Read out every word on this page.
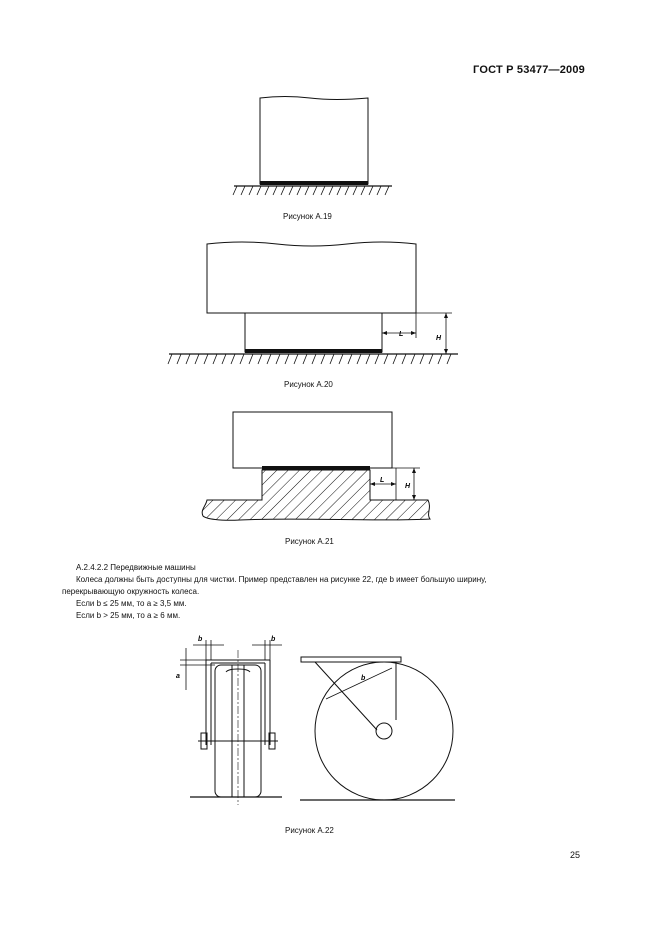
ГОСТ Р 53477—2009
L
H
L
H
b	b
a	b
Рисунок А.19
Рисунок А.20
Рисунок А.21
Рисунок А.22
А.2.4.2.2 Передвижные машины
Колеса должны быть доступны для чистки. Пример представлен на рисунке 22, где b имеет большую ширину,
перекрывающую окружность колеса.
Если b ≤ 25 мм, то a ≥ 3,5 мм.
Если b > 25 мм, то a ≥ 6 мм.
25
